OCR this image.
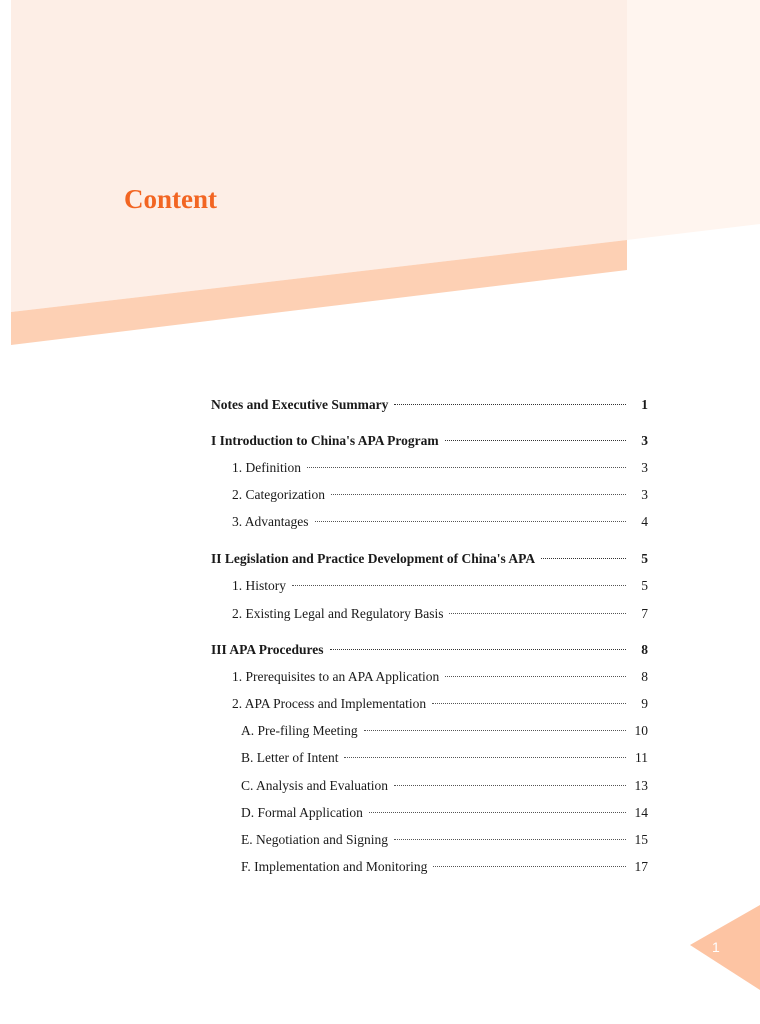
Content
Notes and Executive Summary	1
I Introduction to China's APA Program	3
1. Definition	3
2. Categorization	3
3. Advantages	4
II Legislation and Practice Development of China's APA	5
1. History	5
2. Existing Legal and Regulatory Basis	7
III APA Procedures	8
1. Prerequisites to an APA Application	8
2. APA Process and Implementation	9
A. Pre-filing Meeting	10
B. Letter of Intent	11
C. Analysis and Evaluation	13
D. Formal Application	14
E. Negotiation and Signing	15
F. Implementation and Monitoring	17
1
